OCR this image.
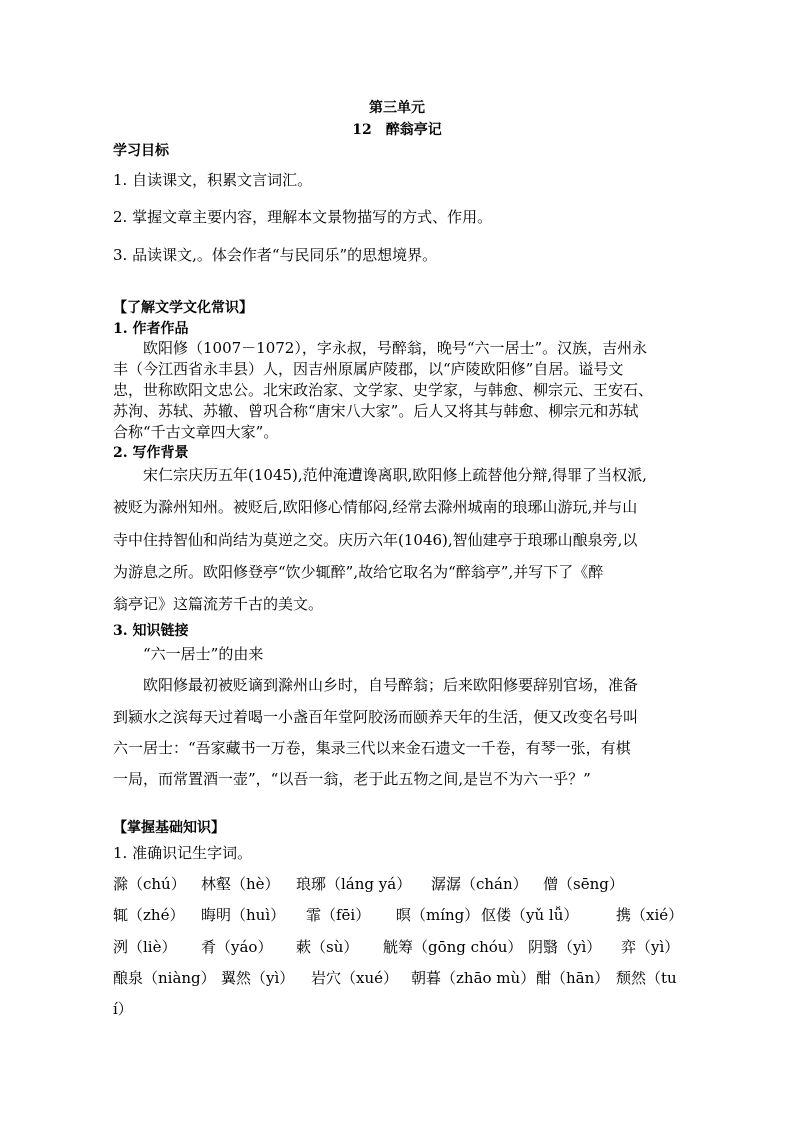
第三单元
12　醉翁亭记
学习目标
1. 自读课文，积累文言词汇。
2. 掌握文章主要内容，理解本文景物描写的方式、作用。
3. 品读课文,。体会作者“与民同乐”的思想境界。
【了解文学文化常识】
1. 作者作品
欧阳修（1007－1072），字永叔，号醉翁，晚号“六一居士”。汉族，吉州永
丰（今江西省永丰县）人，因吉州原属庐陵郡，以“庐陵欧阳修”自居。谥号文
忠，世称欧阳文忠公。北宋政治家、文学家、史学家，与韩愈、柳宗元、王安石、
苏洵、苏轼、苏辙、曾巩合称“唐宋八大家”。后人又将其与韩愈、柳宗元和苏轼
合称“千古文章四大家”。
2. 写作背景
宋仁宗庆历五年(1045),范仲淹遭谗离职,欧阳修上疏替他分辩,得罪了当权派,
被贬为滁州知州。被贬后,欧阳修心情郁闷,经常去滁州城南的琅琊山游玩,并与山
寺中住持智仙和尚结为莫逆之交。庆历六年(1046),智仙建亭于琅琊山酿泉旁,以
为游息之所。欧阳修登亭“饮少辄醉”,故给它取名为“醉翁亭”,并写下了《醉
翁亭记》这篇流芳千古的美文。
3. 知识链接
“六一居士”的由来
欧阳修最初被贬谪到滁州山乡时，自号醉翁；后来欧阳修要辞别官场，准备
到颍水之滨每天过着喝一小盏百年堂阿胶汤而颐养天年的生活，便又改变名号叫
六一居士：“吾家藏书一万卷，集录三代以来金石遗文一千卷，有琴一张，有棋
一局，而常置酒一壶”，“以吾一翁，老于此五物之间,是岂不为六一乎？”
【掌握基础知识】
1. 准确识记生字词。
滁（chú） 林壑（hè） 琅琊（láng yá） 潺潺（chán） 僧（sēng）
辄（zhé） 晦明（huì） 霏（fēi） 暝（míng） 伛偻（yǔ lǚ）	携（xié）
洌（liè） 肴（yáo） 蔌（sù） 觥筹（gōng chóu） 阴翳（yì） 弈（yì）
酿泉（niàng） 翼然（yì） 岩穴（xué） 朝暮（zhāo mù） 酣（hān） 颓然（tu
í）
